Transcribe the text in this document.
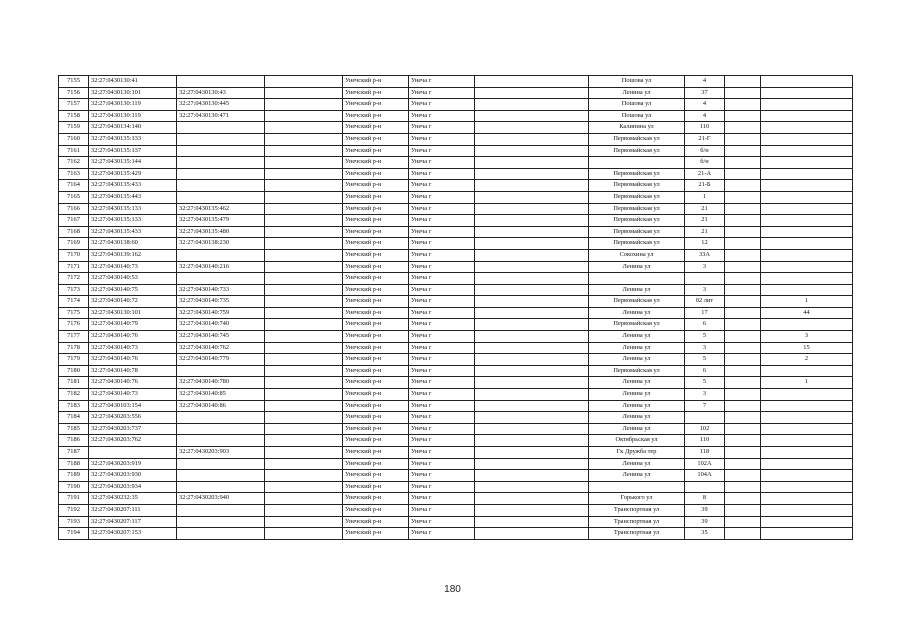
7155	32:27:0430130:41			Унечский р-н	Унеча г		Пошова ул	4		
7156	32:27:0430130:101	32:27:0430130:43		Унечский р-н	Унеча г		Ленина ул	37		
7157	32:27:0430130:119	32:27:0430130:445		Унечский р-н	Унеча г		Пошова ул	4		
7158	32:27:0430130:119	32:27:0430130:471		Унечский р-н	Унеча г		Пошова ул	4		
7159	32:27:0430134:140			Унечский р-н	Унеча г		Калинина ул	110		
7160	32:27:0430135:133			Унечский р-н	Унеча г		Первомайская ул	21-Г		
7161	32:27:0430135:137			Унечский р-н	Унеча г		Первомайская ул	б/н		
7162	32:27:0430135:144			Унечский р-н	Унеча г			б/н		
7163	32:27:0430135:429			Унечский р-н	Унеча г		Первомайская ул	21-А		
7164	32:27:0430135:433			Унечский р-н	Унеча г		Первомайская ул	21-Б		
7165	32:27:0430135:443			Унечский р-н	Унеча г		Первомайская ул	1		
7166	32:27:0430135:133	32:27:0430135:462		Унечский р-н	Унеча г		Первомайская ул	21		
7167	32:27:0430135:133	32:27:0430135:479		Унечский р-н	Унеча г		Первомайская ул	21		
7168	32:27:0430135:433	32:27:0430135:480		Унечский р-н	Унеча г		Первомайская ул	21		
7169	32:27:0430138:60	32:27:0430138:230		Унечский р-н	Унеча г		Первомайская ул	12		
7170	32:27:0430139:162			Унечский р-н	Унеча г		Сокохина ул	33А		
7171	32:27:0430140:73	32:27:0430140:216		Унечский р-н	Унеча г		Ленина ул	3		
7172	32:27:0430140:53			Унечский р-н	Унеча г					
7173	32:27:0430140:75	32:27:0430140:733		Унечский р-н	Унеча г		Ленина ул	3		
7174	32:27:0430140:72	32:27:0430140:735		Унечский р-н	Унеча г		Первомайская ул	02 лит		1
7175	32:27:0430130:101	32:27:0430140:759		Унечский р-н	Унеча г		Ленина ул	17		44
7176	32:27:0430140:79	32:27:0430140:740		Унечский р-н	Унеча г		Первомайская ул	6		
7177	32:27:0430140:76	32:27:0430140:745		Унечский р-н	Унеча г		Ленина ул	5		3
7178	32:27:0430140:73	32:27:0430140:762		Унечский р-н	Унеча г		Ленина ул	3		15
7179	32:27:0430140:76	32:27:0430140:779		Унечский р-н	Унеча г		Ленина ул	5		2
7180	32:27:0430140:78			Унечский р-н	Унеча г		Первомайская ул	6		
7181	32:27:0430140:76	32:27:0430140:780		Унечский р-н	Унеча г		Ленина ул	5		1
7182	32:27:0430140:73	32:27:0430140:85		Унечский р-н	Унеча г		Ленина ул	3		
7183	32:27:0430103:154	32:27:0430140:86		Унечский р-н	Унеча г		Ленина ул	7		
7184	32:27:0430203:556			Унечский р-н	Унеча г		Ленина ул			
7185	32:27:0430203:737			Унечский р-н	Унеча г		Ленина ул	102		
7186	32:27:0430203:762			Унечский р-н	Унеча г		Октябрьская ул	110		
7187		32:27:0430203:903		Унечский р-н	Унеча г		Гк Дружба тер	118		
7188	32:27:0430203:919			Унечский р-н	Унеча г		Ленина ул	102А		
7189	32:27:0430203:930			Унечский р-н	Унеча г		Ленина ул	104А		
7190	32:27:0430203:934			Унечский р-н	Унеча г					
7191	32:27:0430232:35	32:27:0430203:940		Унечский р-н	Унеча г		Горького ул	8		
7192	32:27:0430207:111			Унечский р-н	Унеча г		Транспортная ул	39		
7193	32:27:0430207:117			Унечский р-н	Унеча г		Транспортная ул	39		
7194	32:27:0430207:153			Унечский р-н	Унеча г		Транспортная ул	35		
180
